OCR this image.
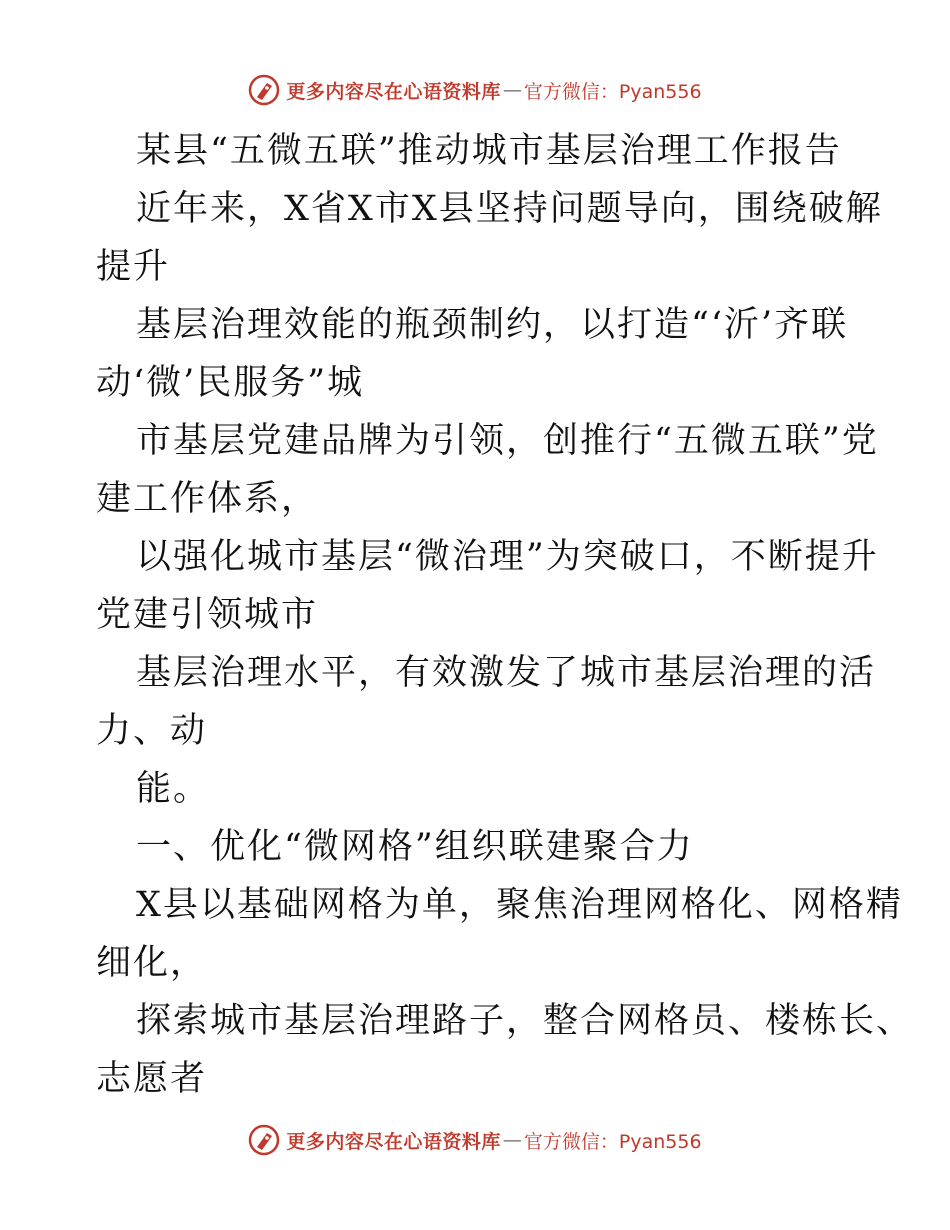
更多内容尽在心语资料库 — 官方微信：Pyan556
某县“五微五联”推动城市基层治理工作报告
近年来，X省X市X县坚持问题导向，围绕破解
提升
基层治理效能的瓶颈制约，以打造“‘沂’齐联
动‘微’民服务”城
市基层党建品牌为引领，创推行“五微五联”党
建工作体系，
以强化城市基层“微治理”为突破口，不断提升
党建引领城市
基层治理水平，有效激发了城市基层治理的活
力、动
能。
一、优化“微网格”组织联建聚合力
X县以基础网格为单，聚焦治理网格化、网格精
细化，
探索城市基层治理路子，整合网格员、楼栋长、
志愿者
更多内容尽在心语资料库 — 官方微信：Pyan556
